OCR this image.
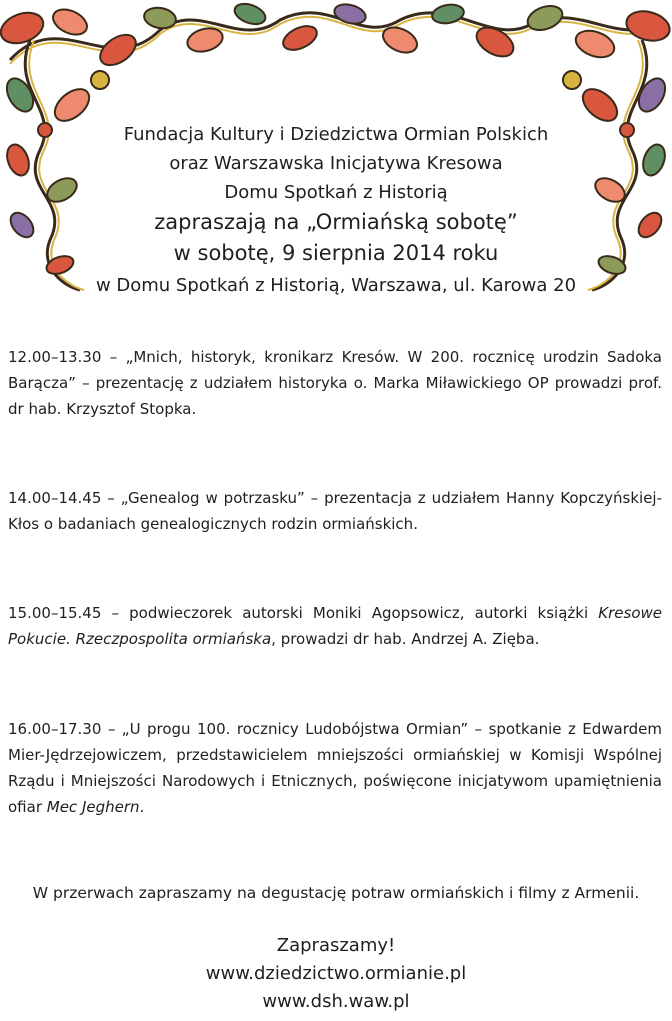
Fundacja Kultury i Dziedzictwa Ormian Polskich
oraz Warszawska Inicjatywa Kresowa
Domu Spotkań z Historią
zapraszają na „Ormiańską sobotę”
w sobotę, 9 sierpnia 2014 roku
w Domu Spotkań z Historią, Warszawa, ul. Karowa 20

12.00–13.30 – „Mnich, historyk, kronikarz Kresów. W 200. rocznicę urodzin Sadoka Barącza” – prezentację z udziałem historyka o. Marka Miławickiego OP prowadzi prof. dr hab. Krzysztof Stopka.

14.00–14.45 – „Genealog w potrzasku” – prezentacja z udziałem Hanny Kopczyńskiej-Kłos o badaniach genealogicznych rodzin ormiańskich.

15.00–15.45 – podwieczorek autorski Moniki Agopsowicz, autorki książki Kresowe Pokucie. Rzeczpospolita ormiańska, prowadzi dr hab. Andrzej A. Zięba.

16.00–17.30 – „U progu 100. rocznicy Ludobójstwa Ormian” – spotkanie z Edwardem Mier-Jędrzejowiczem, przedstawicielem mniejszości ormiańskiej w Komisji Wspólnej Rządu i Mniejszości Narodowych i Etnicznych, poświęcone inicjatywom upamiętnienia ofiar Mec Jeghern.

W przerwach zapraszamy na degustację potraw ormiańskich i filmy z Armenii.
Zapraszamy!
www.dziedzictwo.ormianie.pl
www.dsh.waw.pl
